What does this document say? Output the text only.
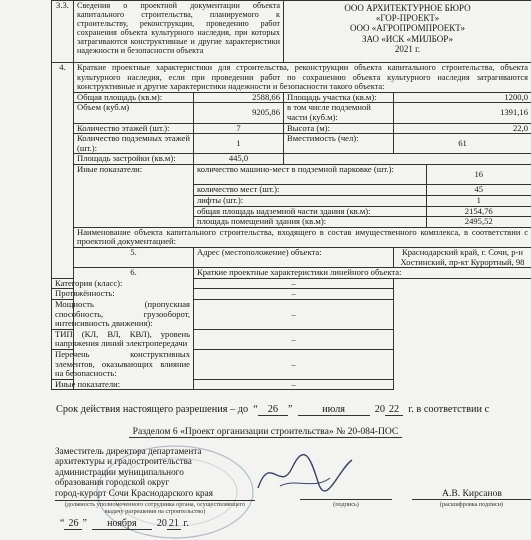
3.3.	Сведения о проектной документации объекта капитального строительства, планируемого к строительству, реконструкции, проведению работ сохранения объекта культурного наследия, при которых затрагиваются конструктивные и другие характеристики надежности и безопасности объекта	
ООО АРХИТЕКТУРНОЕ БЮРО
«ГОР-ПРОЕКТ»
ООО «АГРОПРОМПРОЕКТ»
ЗАО «ИСК «МИЛБОР»
2021 г.

4.	Краткие проектные характеристики для строительства, реконструкции объекта капитального строительства, объекта культурного наследия, если при проведении работ по сохранению объекта культурного наследия затрагиваются конструктивные и другие характеристики надежности и безопасности такого объекта:
Общая площадь (кв.м):	2588,66	Площадь участка (кв.м):	1200,0
Объем (куб.м)	9205,86	в том числе подземной части (куб.м):	1391,16
Количество этажей (шт.):	7	Высота (м):	22,0
Количество подземных этажей (шт.):	1	Вместимость (чел):	61
Площадь застройки (кв.м):	445,0	
Иные показатели:		количество машино-мест в подземной парковке (шт.):	16
количество мест (шт.):	45
лифты (шт.):	1
общая площадь надземной части здания (кв.м):	2154,76
площадь помещений здания (кв.м):	2495,52

Наименование объекта капитального строительства, входящего в состав имущественного комплекса, в соответствии с проектной документацией:
5.	Адрес (местоположение) объекта:	Краснодарский край, г. Сочи, р-н Хостинский, пр-кт Курортный, 98
6.	Краткие проектные характеристики линейного объекта:
Категория (класс):	–
Протяжённость:	–
Мощность (пропускная способность, грузооборот, интенсивность движения):	–
ТИП (КЛ, ВЛ, КВЛ), уровень напряжения линий электропередачи	–
Перечень конструктивных элементов, оказывающих влияние на безопасность:	–
Иные показатели:	–
Срок действия настоящего разрешения – до  “ 26 ”  июля	20 22 г. в соответствии с
Разделом 6 «Проект организации строительства» № 20-084-ПОС
Заместитель директора департамента
архитектуры и градостроительства
администрации муниципального
образования городской округ
город-курорт Сочи Краснодарского края
(должность уполномоченного сотрудника органа, осуществляющего выдачу разрешения на строительство)
(подпись)
А.В. Кирсанов
(расшифровка подписи)
“ 26 ”  ноября 20 21 г.
